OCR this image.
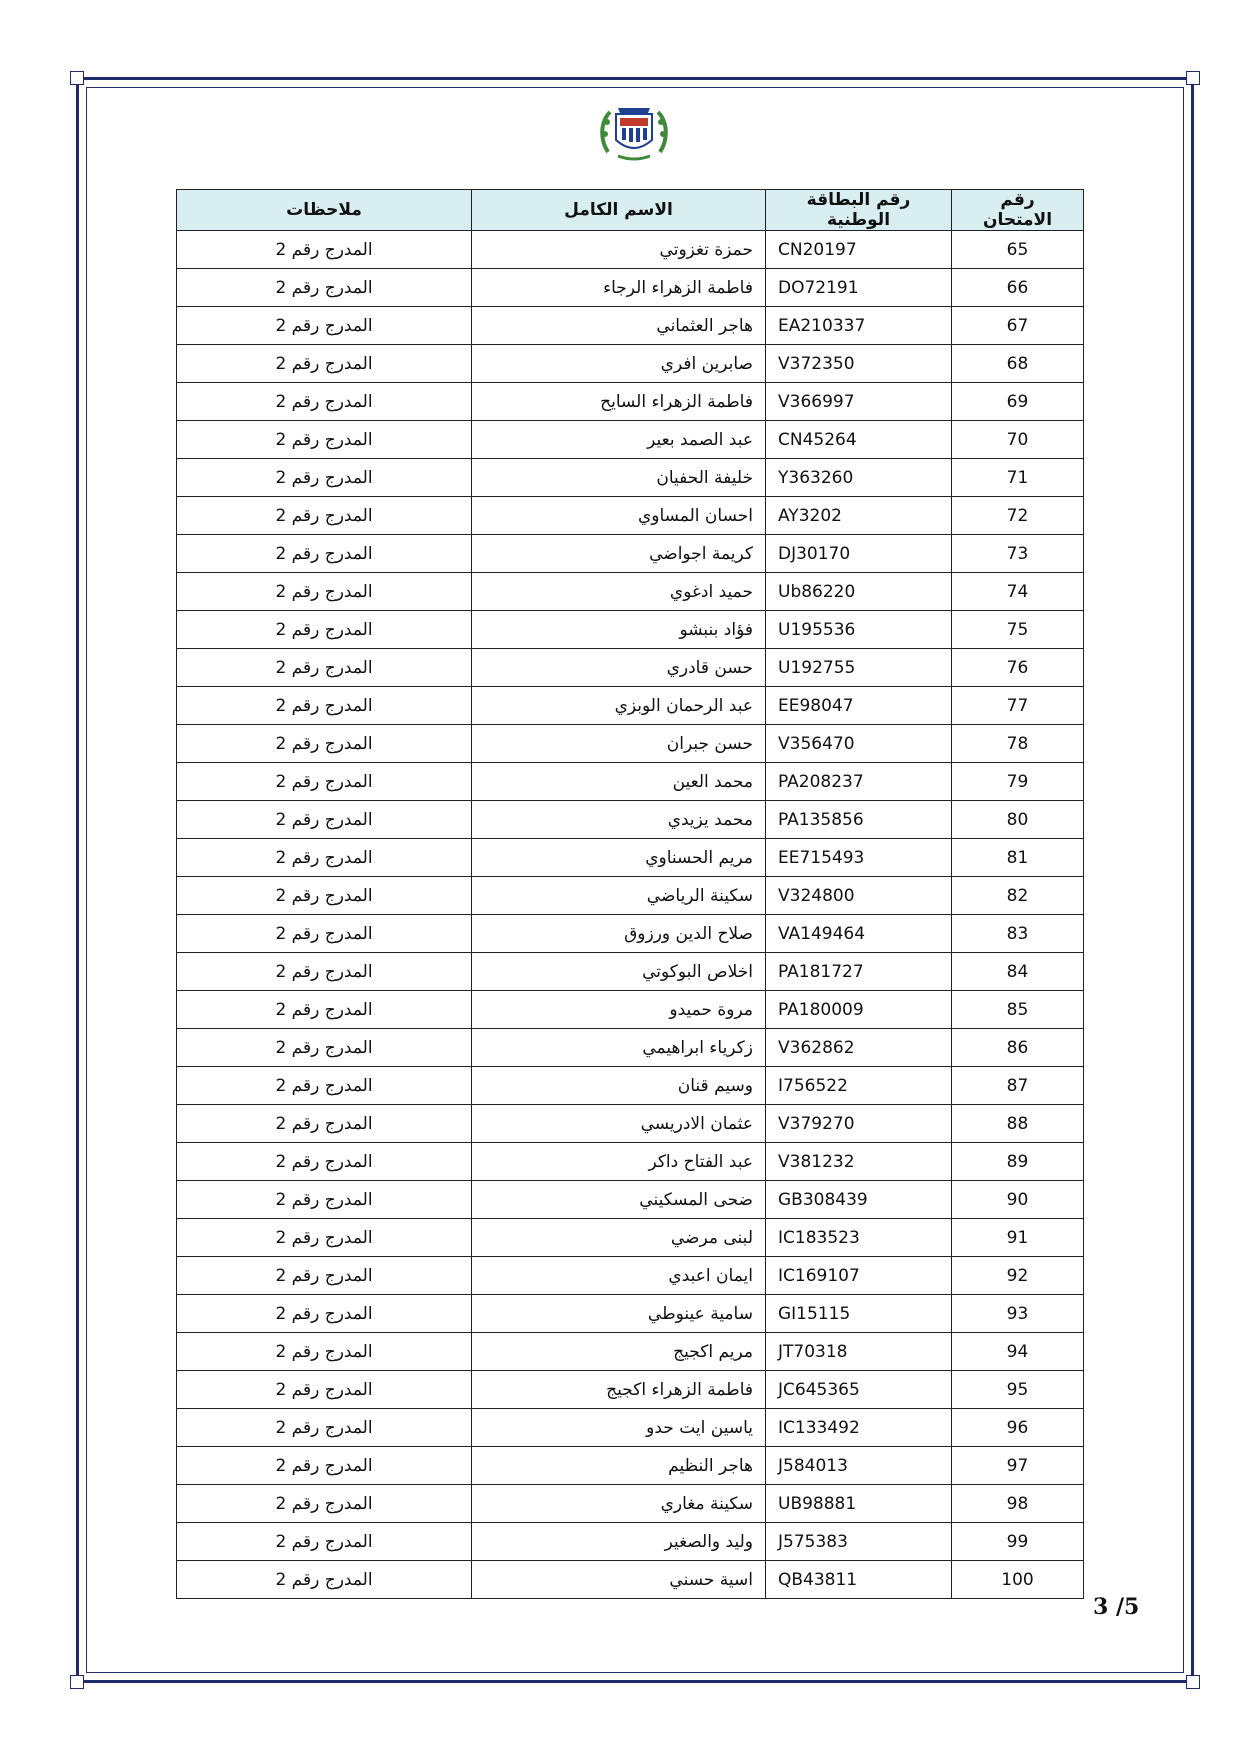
رقم الامتحان	رقم البطاقة الوطنية	الاسم الكامل	ملاحظات
65	CN20197	حمزة تغزوتي	المدرج رقم 2
66	DO72191	فاطمة الزهراء الرجاء	المدرج رقم 2
67	EA210337	هاجر العثماني	المدرج رقم 2
68	V372350	صابرين افري	المدرج رقم 2
69	V366997	فاطمة الزهراء السايح	المدرج رقم 2
70	CN45264	عبد الصمد بعير	المدرج رقم 2
71	Y363260	خليفة الحفيان	المدرج رقم 2
72	AY3202	احسان المساوي	المدرج رقم 2
73	DJ30170	كريمة اجواضي	المدرج رقم 2
74	Ub86220	حميد ادغوي	المدرج رقم 2
75	U195536	فؤاد بنبشو	المدرج رقم 2
76	U192755	حسن قادري	المدرج رقم 2
77	EE98047	عبد الرحمان الوبزي	المدرج رقم 2
78	V356470	حسن جبران	المدرج رقم 2
79	PA208237	محمد العين	المدرج رقم 2
80	PA135856	محمد يزيدي	المدرج رقم 2
81	EE715493	مريم الحسناوي	المدرج رقم 2
82	V324800	سكينة الرياضي	المدرج رقم 2
83	VA149464	صلاح الدين ورزوق	المدرج رقم 2
84	PA181727	اخلاص البوكوتي	المدرج رقم 2
85	PA180009	مروة حميدو	المدرج رقم 2
86	V362862	زكرياء ابراهيمي	المدرج رقم 2
87	I756522	وسيم قنان	المدرج رقم 2
88	V379270	عثمان الادريسي	المدرج رقم 2
89	V381232	عبد الفتاح داكر	المدرج رقم 2
90	GB308439	ضحى المسكيني	المدرج رقم 2
91	IC183523	لبنى مرضي	المدرج رقم 2
92	IC169107	ايمان اعبدي	المدرج رقم 2
93	GI15115	سامية عينوطي	المدرج رقم 2
94	JT70318	مريم اكجيج	المدرج رقم 2
95	JC645365	فاطمة الزهراء اكجيج	المدرج رقم 2
96	IC133492	ياسين ايت حدو	المدرج رقم 2
97	J584013	هاجر النظيم	المدرج رقم 2
98	UB98881	سكينة مغاري	المدرج رقم 2
99	J575383	وليد والصغير	المدرج رقم 2
100	QB43811	اسية حسني	المدرج رقم 2
3 /5
